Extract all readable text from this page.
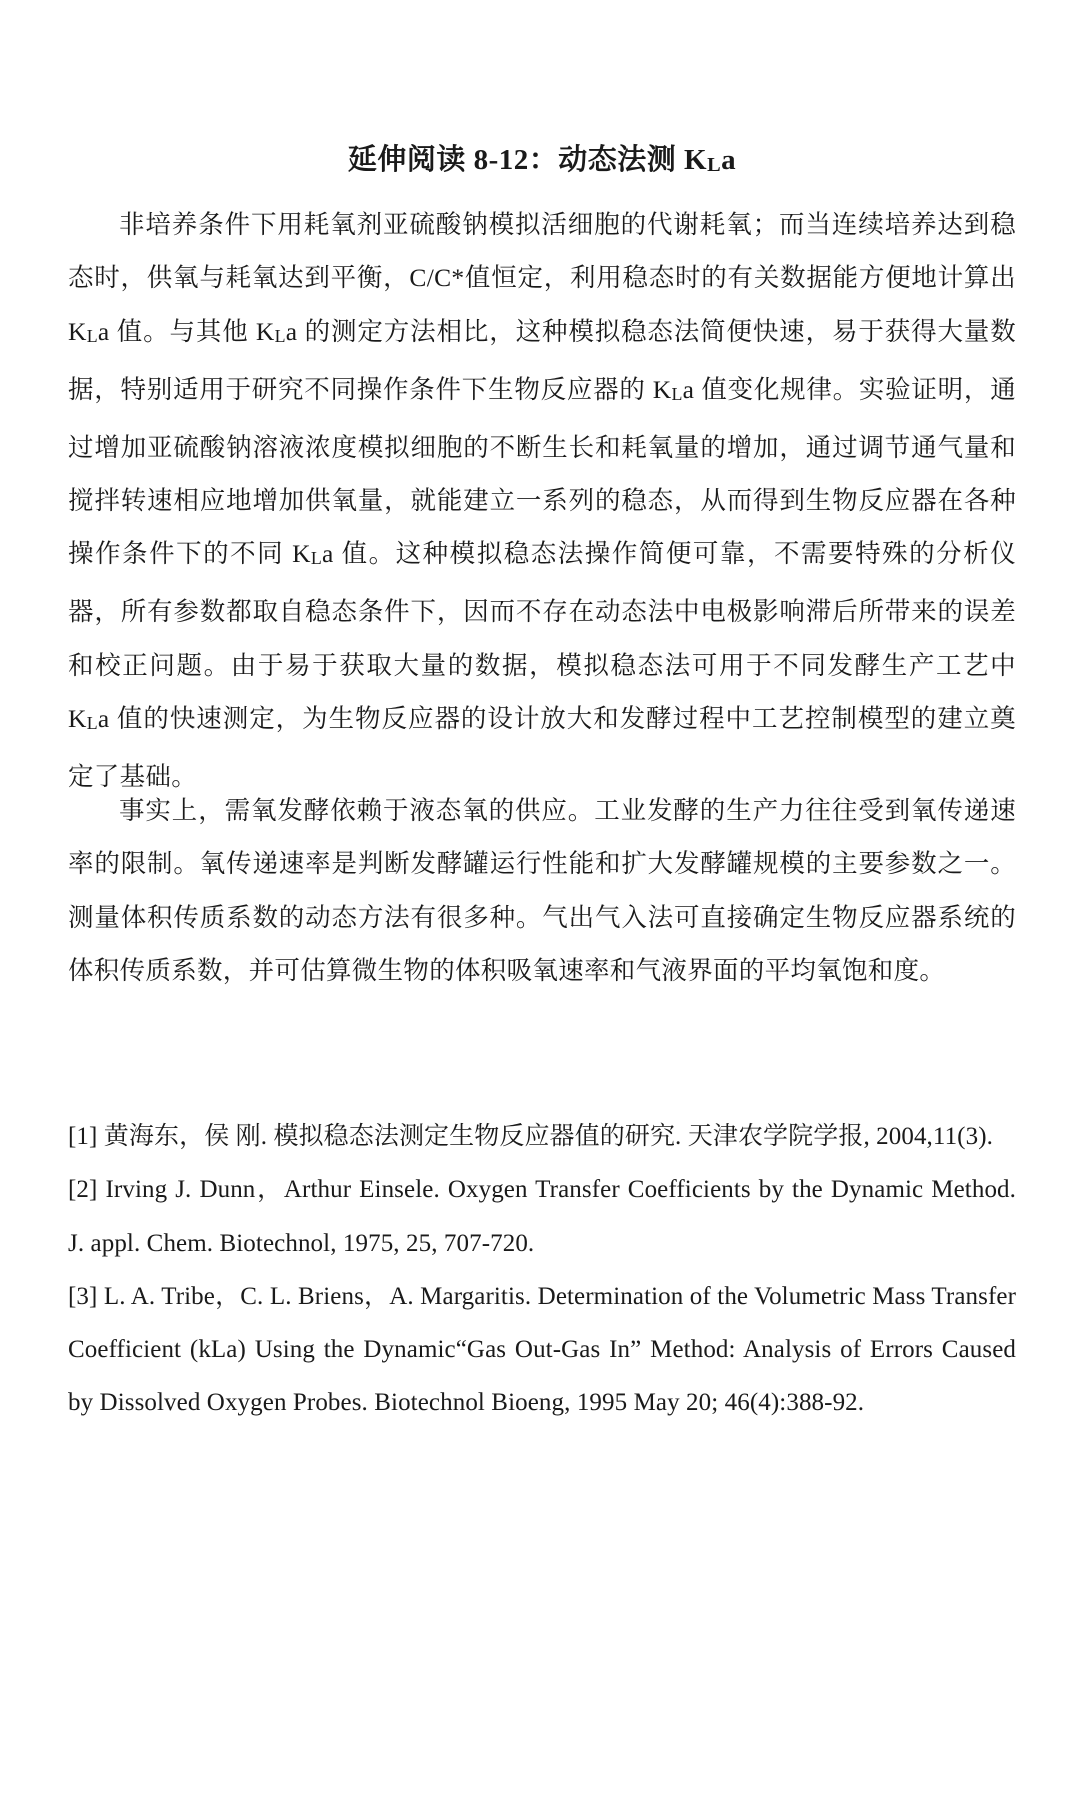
延伸阅读 8-12：动态法测 KLa
非培养条件下用耗氧剂亚硫酸钠模拟活细胞的代谢耗氧；而当连续培养达到稳态时，供氧与耗氧达到平衡，C/C*值恒定，利用稳态时的有关数据能方便地计算出 KLa 值。与其他 KLa 的测定方法相比，这种模拟稳态法简便快速，易于获得大量数据，特别适用于研究不同操作条件下生物反应器的 KLa 值变化规律。实验证明，通过增加亚硫酸钠溶液浓度模拟细胞的不断生长和耗氧量的增加，通过调节通气量和搅拌转速相应地增加供氧量，就能建立一系列的稳态，从而得到生物反应器在各种操作条件下的不同 KLa 值。这种模拟稳态法操作简便可靠，不需要特殊的分析仪器，所有参数都取自稳态条件下，因而不存在动态法中电极影响滞后所带来的误差和校正问题。由于易于获取大量的数据，模拟稳态法可用于不同发酵生产工艺中 KLa 值的快速测定，为生物反应器的设计放大和发酵过程中工艺控制模型的建立奠定了基础。
事实上，需氧发酵依赖于液态氧的供应。工业发酵的生产力往往受到氧传递速率的限制。氧传递速率是判断发酵罐运行性能和扩大发酵罐规模的主要参数之一。测量体积传质系数的动态方法有很多种。气出气入法可直接确定生物反应器系统的体积传质系数，并可估算微生物的体积吸氧速率和气液界面的平均氧饱和度。
[1] 黄海东，侯 刚. 模拟稳态法测定生物反应器值的研究. 天津农学院学报, 2004,11(3).
[2] Irving J. Dunn，Arthur Einsele. Oxygen Transfer Coefficients by the Dynamic Method. J. appl. Chem. Biotechnol, 1975, 25, 707-720.
[3] L. A. Tribe，C. L. Briens，A. Margaritis. Determination of the Volumetric Mass Transfer Coefficient (kLa) Using the Dynamic“Gas Out-Gas In” Method: Analysis of Errors Caused by Dissolved Oxygen Probes. Biotechnol Bioeng, 1995 May 20; 46(4):388-92.
